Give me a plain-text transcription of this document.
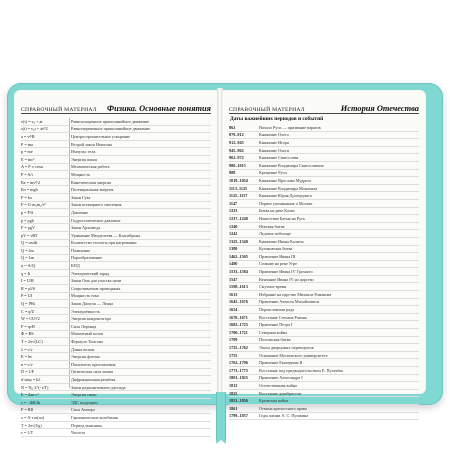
СПРАВОЧНЫЙ МАТЕРИАЛ Физика. Основные понятия
v(t) = v₀ + at	Равноускоренное прямолинейное движение
s(t) = v₀t + at²/2	Равнопеременное прямолинейное движение
a = v²/R	Центростремительное ускорение
F = ma	Второй закон Ньютона
p = mv	Импульс тела
E = mc²	Энергия покоя
A = F·s·cosα	Механическая работа
P = A/t	Мощность
Eк = mv²/2	Кинетическая энергия
Eп = mgh	Потенциальная энергия
F = kx	Закон Гука
F = G·m₁m₂/r²	Закон всемирного тяготения
p = F/S	Давление
p = ρgh	Гидростатическое давление
F = ρgV	Закон Архимеда
pV = νRT	Уравнение Менделеева — Клапейрона
Q = cmΔt	Количество теплоты при нагревании
Q = λm	Плавление
Q = Lm	Парообразование
η = A/Q	КПД
q = It	Электрический заряд
I = U/R	Закон Ома для участка цепи
R = ρl/S	Сопротивление проводника
P = UI	Мощность тока
Q = I²Rt	Закон Джоуля — Ленца
C = q/U	Электроёмкость
W = CU²/2	Энергия конденсатора
F = qvB	Сила Лоренца
Φ = BS	Магнитный поток
T = 2π√(LC)	Формула Томсона
λ = c/ν	Длина волны
E = hν	Энергия фотона
n = c/v	Показатель преломления
D = 1/F	Оптическая сила линзы
d·sinφ = kλ	Дифракционная решётка
N = N₀·2^(−t/T)	Закон радиоактивного распада
E = Δm·c²	Энергия связи
ε = −ΔΦ/Δt	ЭДС индукции
F = BIl	Сила Ампера
x = A·cos(ωt)	Гармонические колебания
T = 2π√(l/g)	Период маятника
ν = 1/T	Частота
СПРАВОЧНЫЙ МАТЕРИАЛ	История Отечества
Даты важнейших периодов и событий
862	Начало Руси — призвание варягов
879–912	Княжение Олега
912–945	Княжение Игоря
945–962	Княжение Ольги
962–972	Княжение Святослава
980–1015	Княжение Владимира Святославича
988	Крещение Руси
1019–1054	Княжение Ярослава Мудрого
1113–1125	Княжение Владимира Мономаха
1125–1157	Княжение Юрия Долгорукого
1147	Первое упоминание о Москве
1223	Битва на реке Калке
1237–1240	Нашествие Батыя на Русь
1240	Невская битва
1242	Ледовое побоище
1325–1340	Княжение Ивана Калиты
1380	Куликовская битва
1462–1505	Правление Ивана III
1480	Стояние на реке Угре
1533–1584	Правление Ивана IV Грозного
1547	Венчание Ивана IV на царство
1598–1613	Смутное время
1613	Избрание на царство Михаила Романова
1645–1676	Правление Алексея Михайловича
1654	Переяславская рада
1670–1671	Восстание Степана Разина
1682–1725	Правление Петра I
1700–1721	Северная война
1709	Полтавская битва
1725–1762	Эпоха дворцовых переворотов
1755	Основание Московского университета
1762–1796	Правление Екатерины II
1773–1775	Восстание под предводительством Е. Пугачёва
1801–1825	Правление Александра I
1812	Отечественная война
1825	Восстание декабристов
1853–1856	Крымская война
1861	Отмена крепостного права
1799–1837	Годы жизни А. С. Пушкина
